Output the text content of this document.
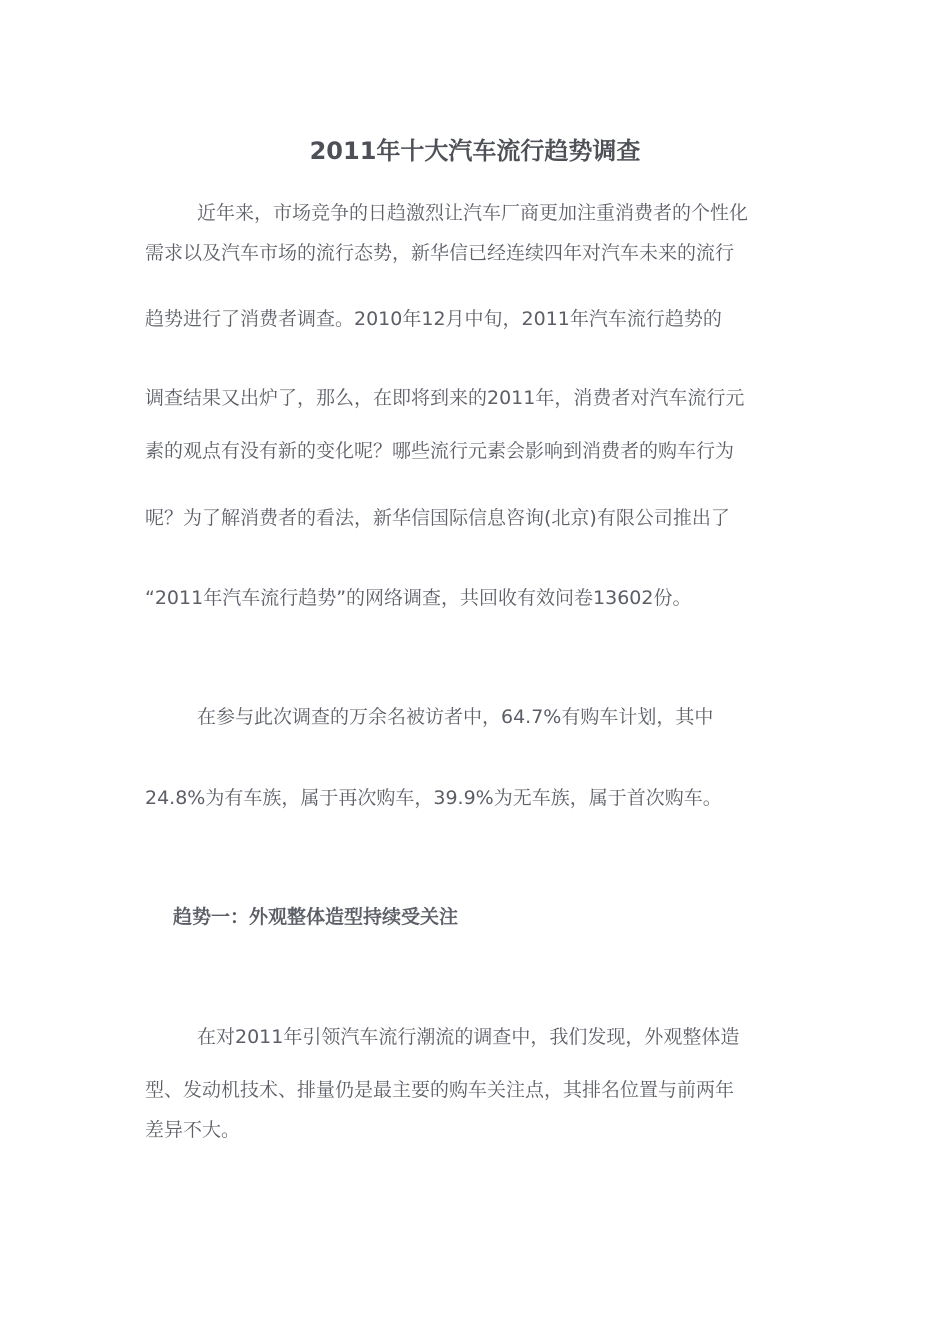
2011年十大汽车流行趋势调查
近年来，市场竞争的日趋激烈让汽车厂商更加注重消费者的个性化
需求以及汽车市场的流行态势，新华信已经连续四年对汽车未来的流行
趋势进行了消费者调查。2010年12月中旬，2011年汽车流行趋势的
调查结果又出炉了，那么，在即将到来的2011年，消费者对汽车流行元
素的观点有没有新的变化呢？哪些流行元素会影响到消费者的购车行为
呢？为了解消费者的看法，新华信国际信息咨询(北京)有限公司推出了
“2011年汽车流行趋势”的网络调查，共回收有效问卷13602份。
在参与此次调查的万余名被访者中，64.7%有购车计划，其中
24.8%为有车族，属于再次购车，39.9%为无车族，属于首次购车。
趋势一：外观整体造型持续受关注
在对2011年引领汽车流行潮流的调查中，我们发现，外观整体造
型、发动机技术、排量仍是最主要的购车关注点，其排名位置与前两年
差异不大。
